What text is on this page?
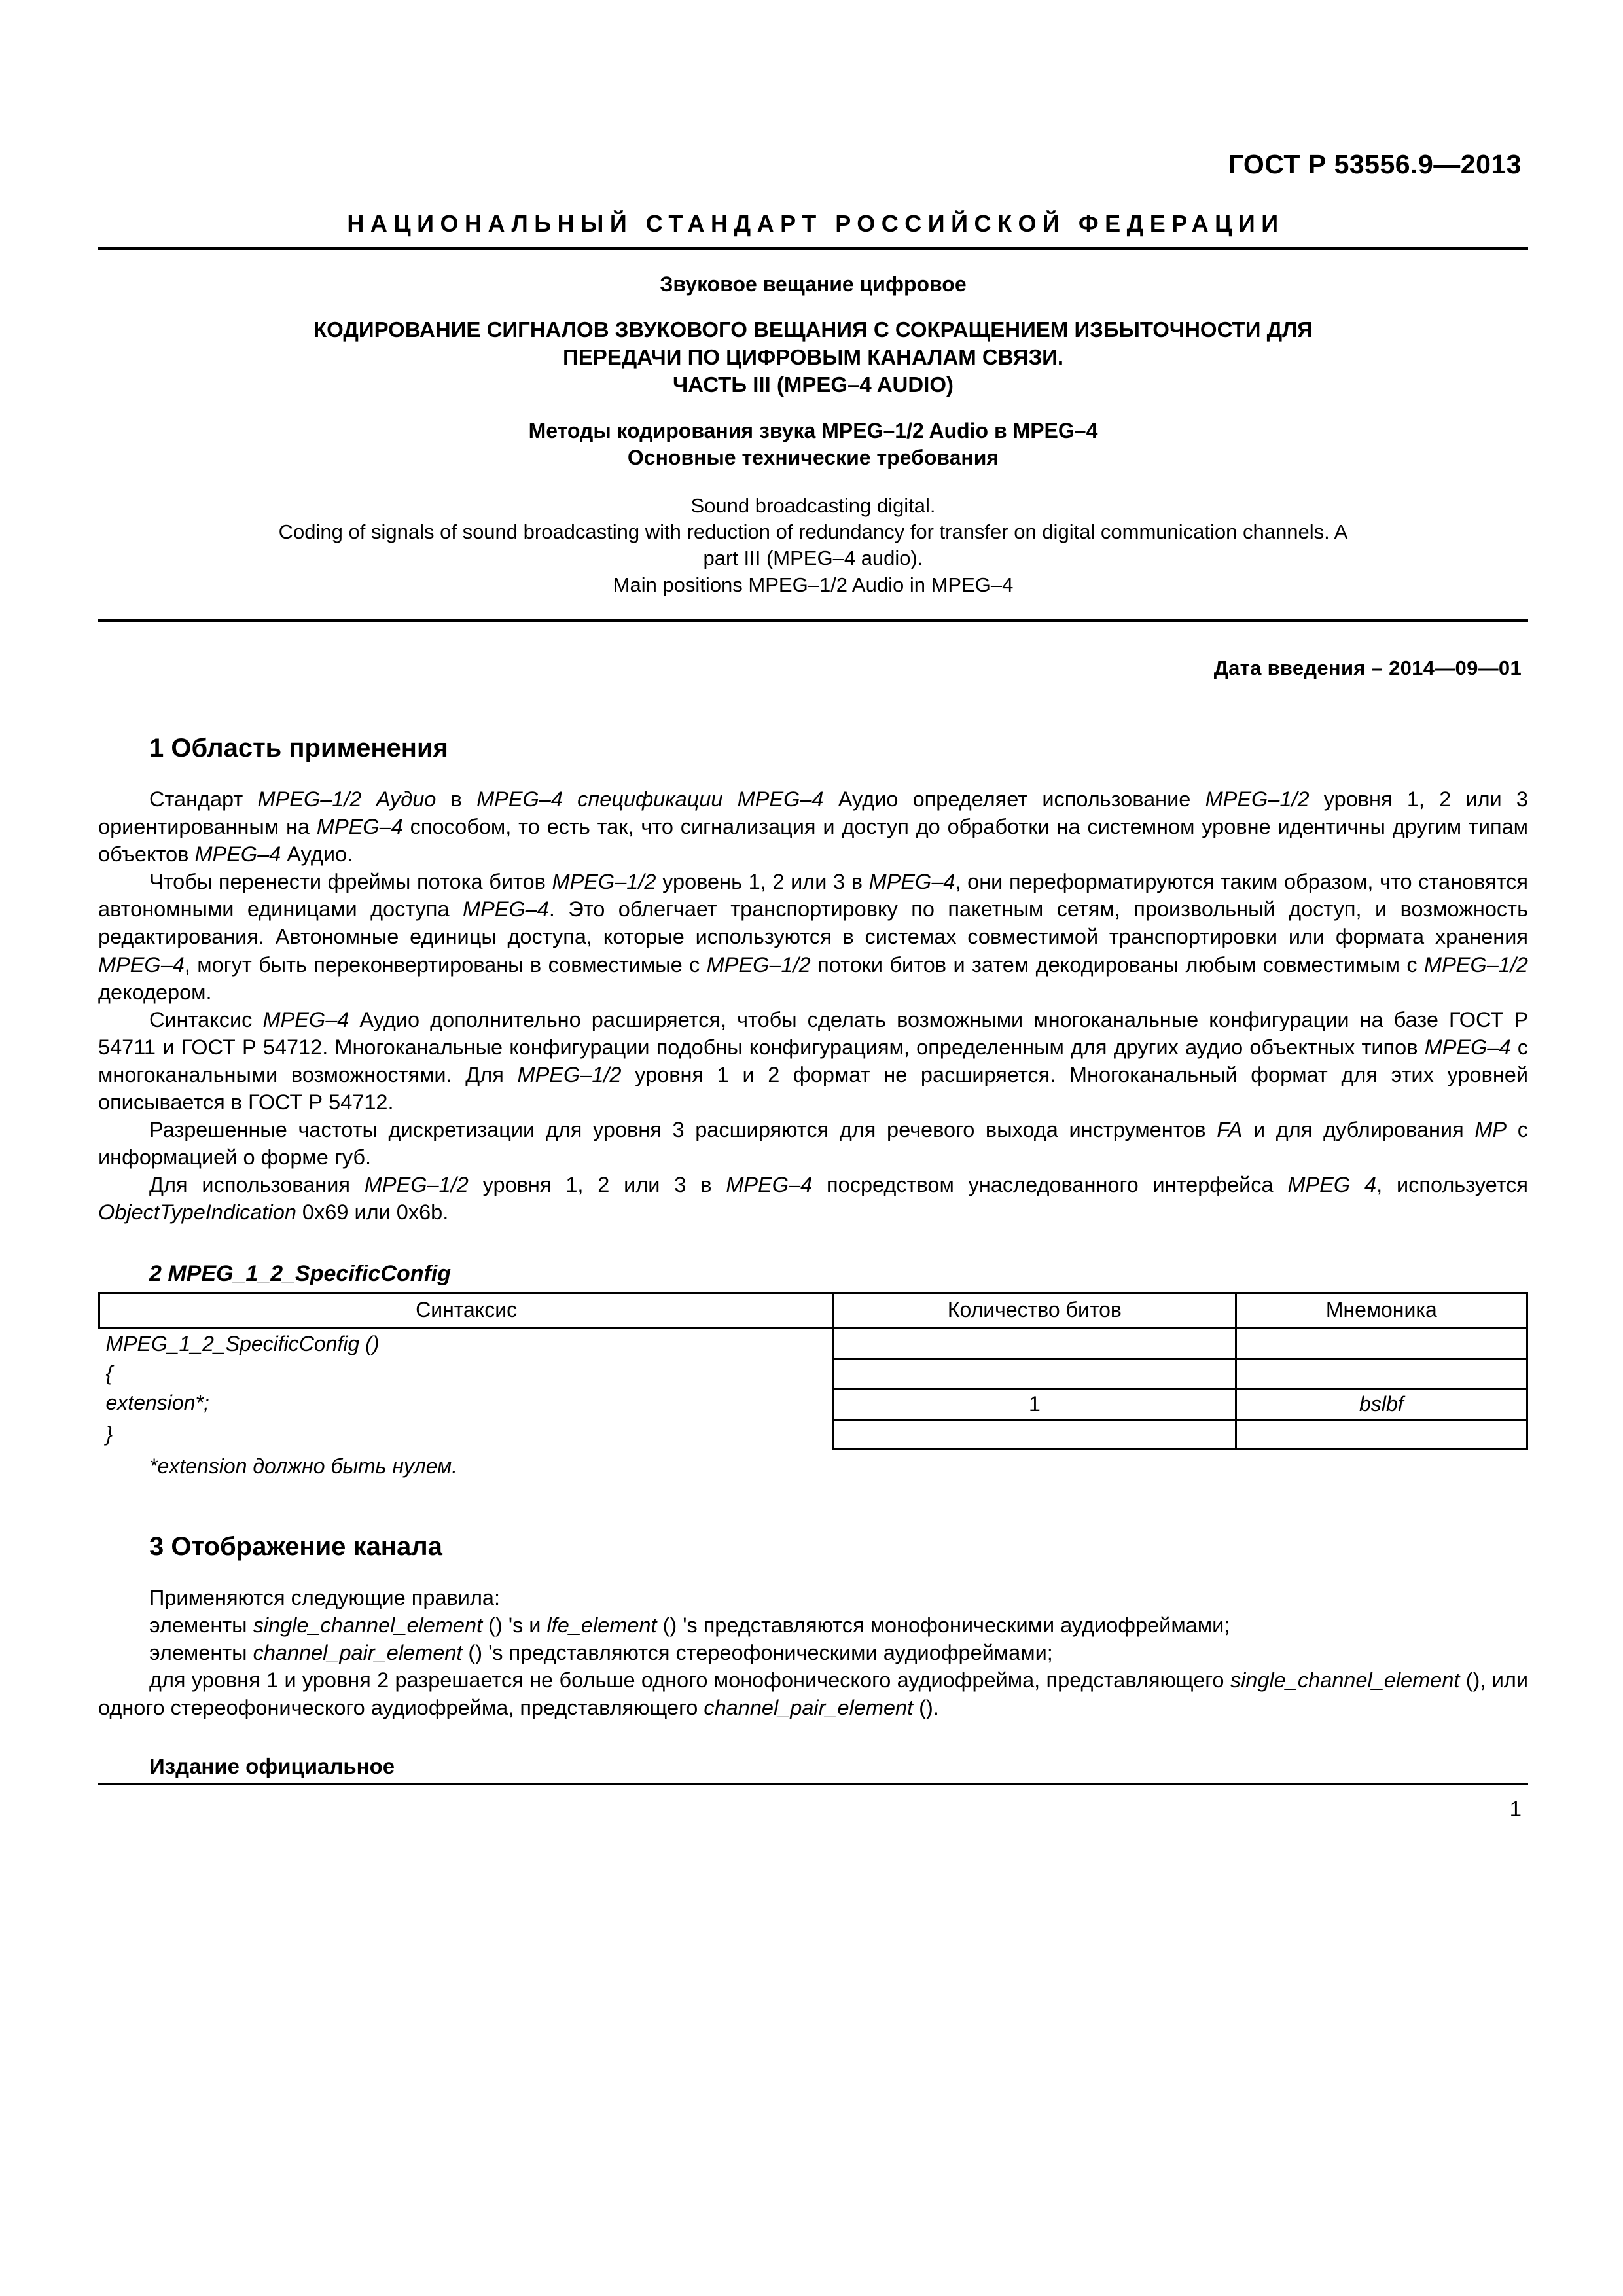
ГОСТ Р 53556.9—2013
НАЦИОНАЛЬНЫЙ СТАНДАРТ РОССИЙСКОЙ ФЕДЕРАЦИИ
Звуковое вещание цифровое
КОДИРОВАНИЕ СИГНАЛОВ ЗВУКОВОГО ВЕЩАНИЯ С СОКРАЩЕНИЕМ ИЗБЫТОЧНОСТИ ДЛЯ
ПЕРЕДАЧИ ПО ЦИФРОВЫМ КАНАЛАМ СВЯЗИ.
ЧАСТЬ III (MPEG–4 AUDIO)
Методы кодирования звука MPEG–1/2 Audio в MPEG–4
Основные технические требования
Sound broadcasting digital.
Coding of signals of sound broadcasting with reduction of redundancy for transfer on digital communication channels. A
part III (MPEG–4 audio).
Main positions MPEG–1/2 Audio in MPEG–4
Дата введения – 2014—09—01
1 Область применения

Стандарт MPEG–1/2 Аудио в MPEG–4 спецификации MPEG–4 Аудио определяет использование MPEG–1/2 уровня 1, 2 или 3 ориентированным на MPEG–4 способом, то есть так, что сигнализация и доступ до обработки на системном уровне идентичны другим типам объектов MPEG–4 Аудио.

Чтобы перенести фреймы потока битов MPEG–1/2 уровень 1, 2 или 3 в MPEG–4, они переформатируются таким образом, что становятся автономными единицами доступа MPEG–4. Это облегчает транспортировку по пакетным сетям, произвольный доступ, и возможность редактирования. Автономные единицы доступа, которые используются в системах совместимой транспортировки или формата хранения MPEG–4, могут быть переконвертированы в совместимые с MPEG–1/2 потоки битов и затем декодированы любым совместимым с MPEG–1/2 декодером.

Синтаксис MPEG–4 Аудио дополнительно расширяется, чтобы сделать возможными многоканальные конфигурации на базе ГОСТ Р 54711 и ГОСТ Р 54712. Многоканальные конфигурации подобны конфигурациям, определенным для других аудио объектных типов MPEG–4 с многоканальными возможностями. Для MPEG–1/2 уровня 1 и 2 формат не расширяется. Многоканальный формат для этих уровней описывается в ГОСТ Р 54712.

Разрешенные частоты дискретизации для уровня 3 расширяются для речевого выхода инструментов FA и для дублирования MP с информацией о форме губ.

Для использования MPEG–1/2 уровня 1, 2 или 3 в MPEG–4 посредством унаследованного интерфейса MPEG 4, используется ObjectTypeIndication 0x69 или 0x6b.

2 MPEG_1_2_SpecificConfig
Синтаксис	Количество битов	Мнемоника
MPEG_1_2_SpecificConfig ()		
{		
extension*;	1	bslbf
}		
*extension должно быть нулем.
3 Отображение канала

Применяются следующие правила:

элементы single_channel_element () 's и lfe_element () 's представляются монофоническими аудиофреймами;

элементы channel_pair_element () 's представляются стереофоническими аудиофреймами;

для уровня 1 и уровня 2 разрешается не больше одного монофонического аудиофрейма, представляющего single_channel_element (), или одного стереофонического аудиофрейма, представляющего channel_pair_element ().

Издание официальное
1
